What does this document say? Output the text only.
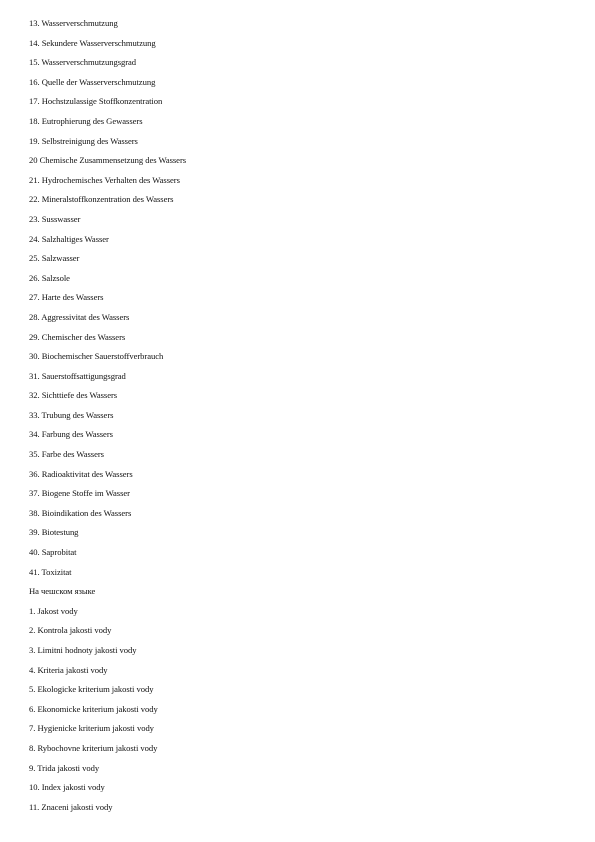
13. Wasserverschmutzung
14. Sekundere Wasserverschmutzung
15. Wasserverschmutzungsgrad
16. Quelle der Wasserverschmutzung
17. Hochstzulassige Stoffkonzentration
18. Eutrophierung des Gewassers
19. Selbstreinigung des Wassers
20 Chemische Zusammensetzung des Wassers
21. Hydrochemisches Verhalten des Wassers
22. Mineralstoffkonzentration des Wassers
23. Susswasser
24. Salzhaltiges Wasser
25. Salzwasser
26. Salzsole
27. Harte des Wassers
28. Aggressivitat des Wassers
29. Chemischer des Wassers
30. Biochemischer Sauerstoffverbrauch
31. Sauerstoffsattigungsgrad
32. Sichttiefe des Wassers
33. Trubung des Wassers
34. Farbung des Wassers
35. Farbe des Wassers
36. Radioaktivitat des Wassers
37. Biogene Stoffe im Wasser
38. Bioindikation des Wassers
39. Biotestung
40. Saprobitat
41. Toxizitat
На чешском языке
1. Jakost vody
2. Kontrola jakosti vody
3. Limitni hodnoty jakosti vody
4. Kriteria jakosti vody
5. Ekologicke kriterium jakosti vody
6. Ekonomicke kriterium jakosti vody
7. Hygienicke kriterium jakosti vody
8. Rybochovne kriterium jakosti vody
9. Trida jakosti vody
10. Index jakosti vody
11. Znaceni jakosti vody
